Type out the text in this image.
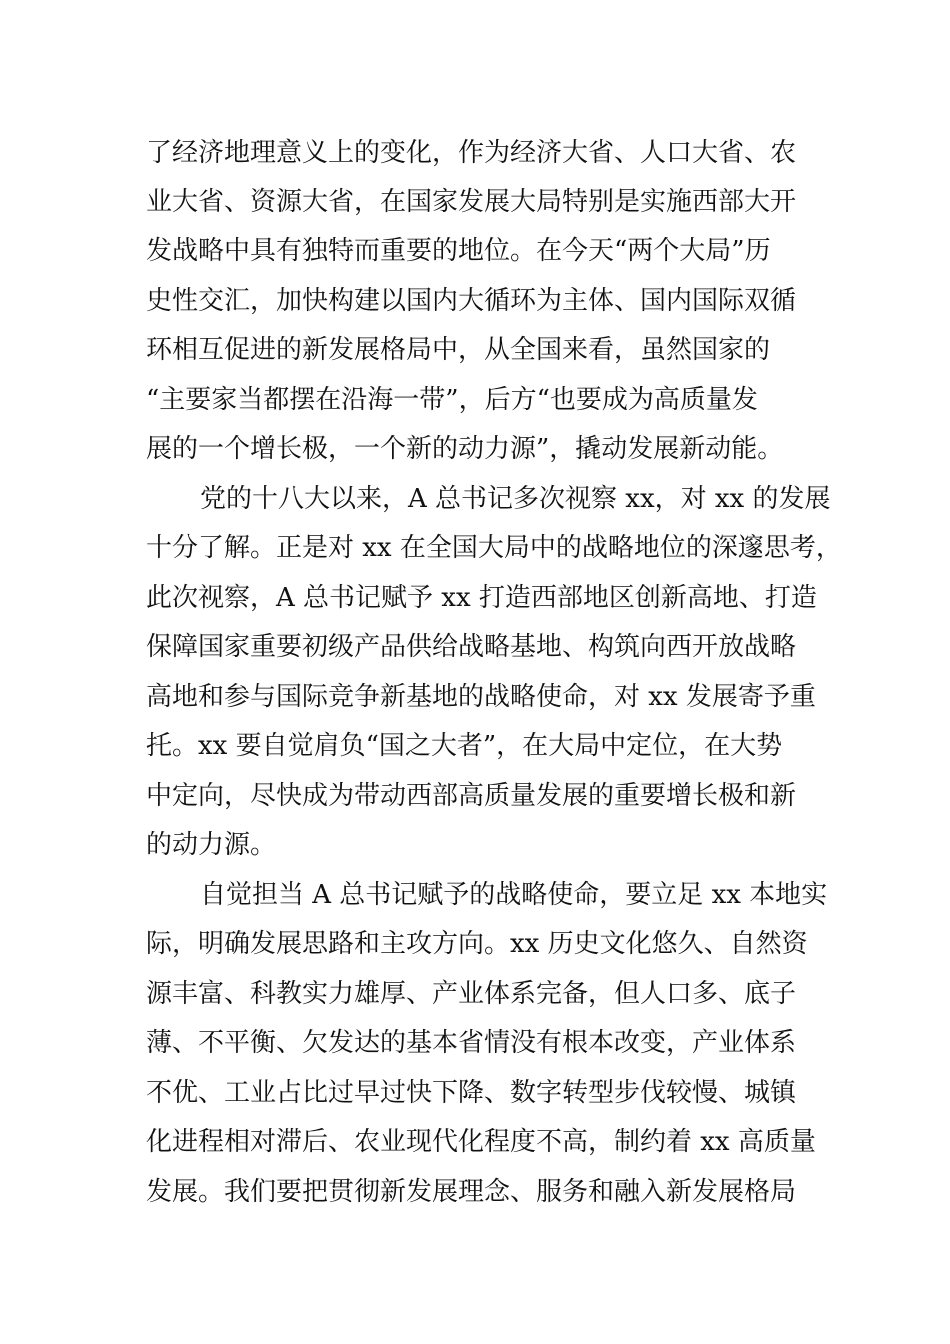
了经济地理意义上的变化，作为经济大省、人口大省、农
业大省、资源大省，在国家发展大局特别是实施西部大开
发战略中具有独特而重要的地位。在今天“两个大局”历
史性交汇，加快构建以国内大循环为主体、国内国际双循
环相互促进的新发展格局中，从全国来看，虽然国家的
“主要家当都摆在沿海一带”，后方“也要成为高质量发
展的一个增长极，一个新的动力源”，撬动发展新动能。
党的十八大以来，A 总书记多次视察 xx，对 xx 的发展
十分了解。正是对 xx 在全国大局中的战略地位的深邃思考，
此次视察，A 总书记赋予 xx 打造西部地区创新高地、打造
保障国家重要初级产品供给战略基地、构筑向西开放战略
高地和参与国际竞争新基地的战略使命，对 xx 发展寄予重
托。xx 要自觉肩负“国之大者”，在大局中定位，在大势
中定向，尽快成为带动西部高质量发展的重要增长极和新
的动力源。
自觉担当 A 总书记赋予的战略使命，要立足 xx 本地实
际，明确发展思路和主攻方向。xx 历史文化悠久、自然资
源丰富、科教实力雄厚、产业体系完备，但人口多、底子
薄、不平衡、欠发达的基本省情没有根本改变，产业体系
不优、工业占比过早过快下降、数字转型步伐较慢、城镇
化进程相对滞后、农业现代化程度不高，制约着 xx 高质量
发展。我们要把贯彻新发展理念、服务和融入新发展格局
